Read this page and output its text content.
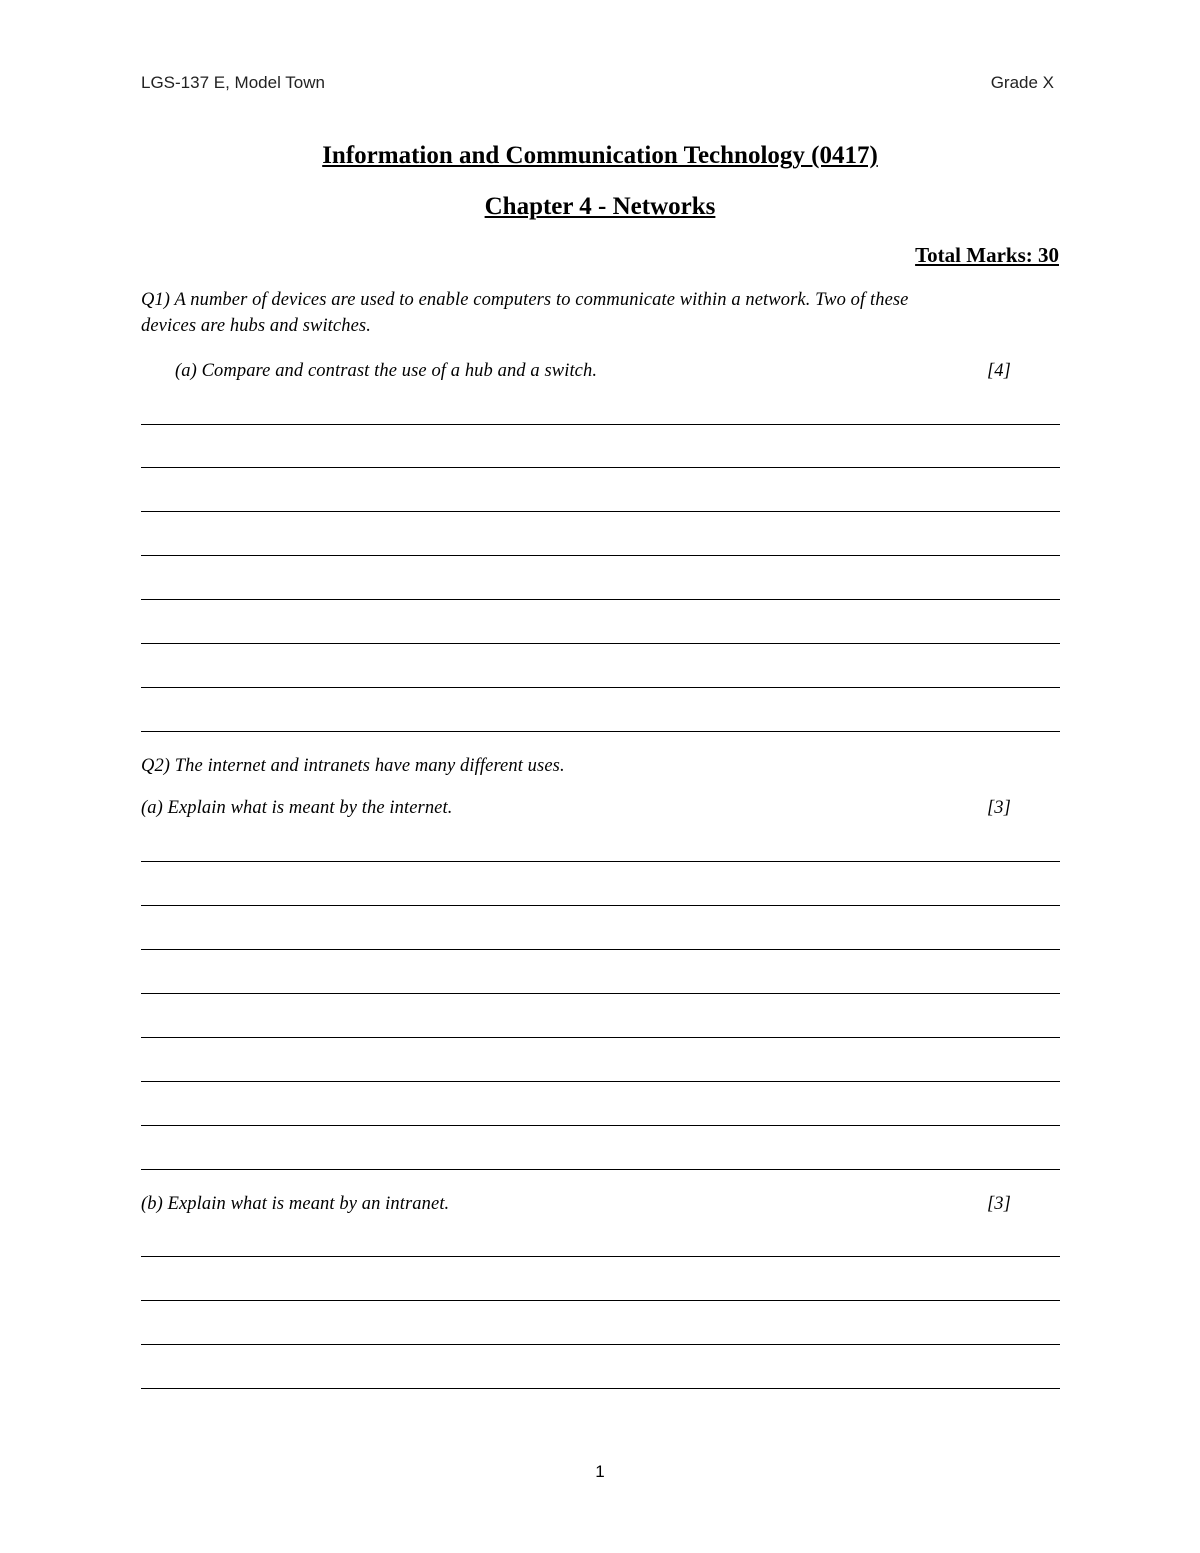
LGS-137 E, Model Town	Grade X
Information and Communication Technology (0417)
Chapter 4 - Networks
Total Marks: 30
Q1) A number of devices are used to enable computers to communicate within a network. Two of these
devices are hubs and switches.
(a) Compare and contrast the use of a hub and a switch.	[4]
Q2) The internet and intranets have many different uses.
(a) Explain what is meant by the internet.	[3]
(b) Explain what is meant by an intranet.	[3]
1
